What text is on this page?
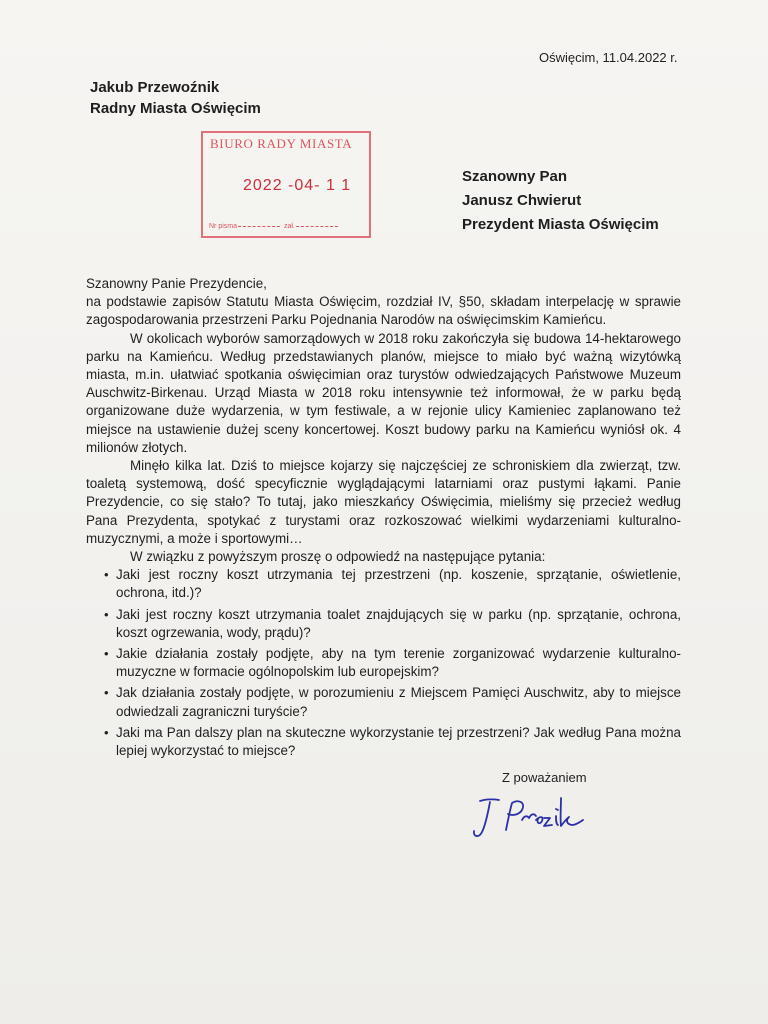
Oświęcim, 11.04.2022 r.
Jakub Przewoźnik
Radny Miasta Oświęcim
BIURO RADY MIASTA
2022 -04- 1 1
Nr pisma	zał.
Szanowny Pan
Janusz Chwierut
Prezydent Miasta Oświęcim

Szanowny Panie Prezydencie,

na podstawie zapisów Statutu Miasta Oświęcim, rozdział IV, §50, składam interpelację w sprawie zagospodarowania przestrzeni Parku Pojednania Narodów na oświęcimskim Kamieńcu.

W okolicach wyborów samorządowych w 2018 roku zakończyła się budowa 14-hektarowego parku na Kamieńcu. Według przedstawianych planów, miejsce to miało być ważną wizytówką miasta, m.in. ułatwiać spotkania oświęcimian oraz turystów odwiedzających Państwowe Muzeum Auschwitz-Birkenau. Urząd Miasta w 2018 roku intensywnie też informował, że w parku będą organizowane duże wydarzenia, w tym festiwale, a w rejonie ulicy Kamieniec zaplanowano też miejsce na ustawienie dużej sceny koncertowej. Koszt budowy parku na Kamieńcu wyniósł ok. 4 milionów złotych.

Minęło kilka lat. Dziś to miejsce kojarzy się najczęściej ze schroniskiem dla zwierząt, tzw. toaletą systemową, dość specyficznie wyglądającymi latarniami oraz pustymi łąkami. Panie Prezydencie, co się stało? To tutaj, jako mieszkańcy Oświęcimia, mieliśmy się przecież według Pana Prezydenta, spotykać z turystami oraz rozkoszować wielkimi wydarzeniami kulturalno-muzycznymi, a może i sportowymi…

W związku z powyższym proszę o odpowiedź na następujące pytania:

• Jaki jest roczny koszt utrzymania tej przestrzeni (np. koszenie, sprzątanie, oświetlenie, ochrona, itd.)?
• Jaki jest roczny koszt utrzymania toalet znajdujących się w parku (np. sprzątanie, ochrona, koszt ogrzewania, wody, prądu)?
• Jakie działania zostały podjęte, aby na tym terenie zorganizować wydarzenie kulturalno-muzyczne w formacie ogólnopolskim lub europejskim?
• Jak działania zostały podjęte, w porozumieniu z Miejscem Pamięci Auschwitz, aby to miejsce odwiedzali zagraniczni turyście?
• Jaki ma Pan dalszy plan na skuteczne wykorzystanie tej przestrzeni? Jak według Pana można lepiej wykorzystać to miejsce?
Z poważaniem
